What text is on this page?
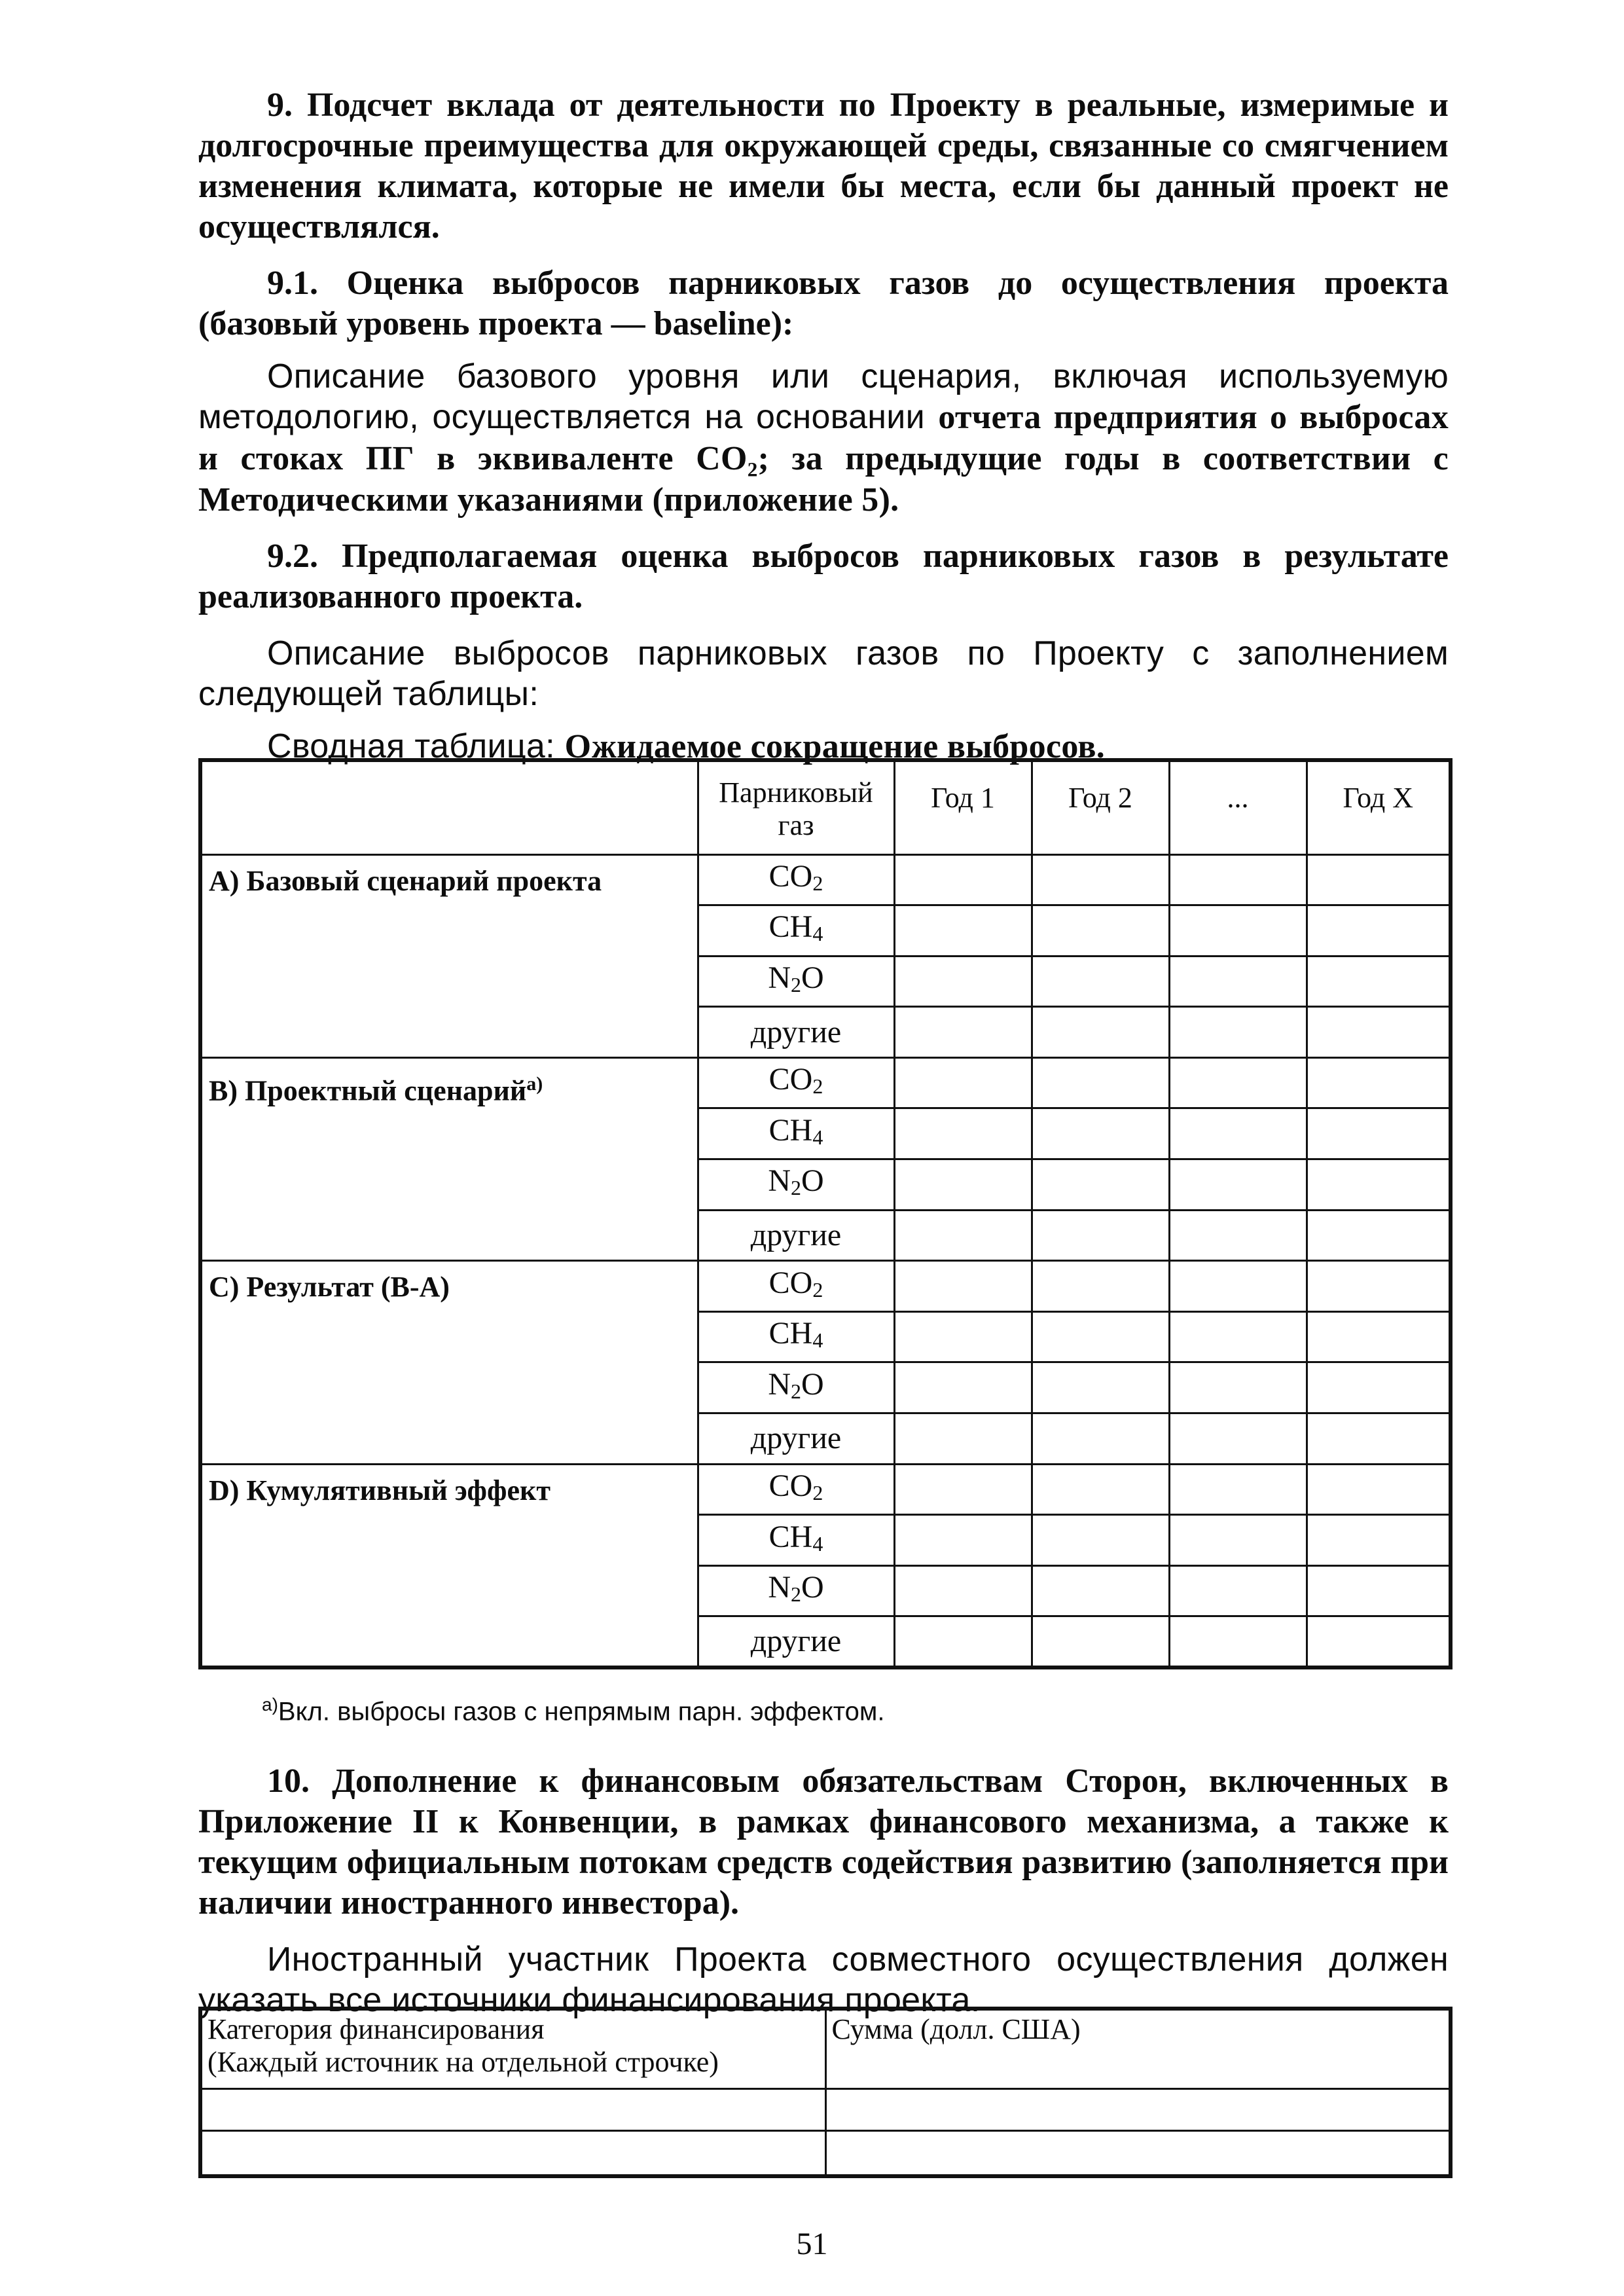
9. Подсчет вклада от деятельности по Проекту в реальные, измеримые и долгосрочные преимущества для окружающей среды, связанные со смягчением изменения климата, которые не имели бы места, если бы данный проект не осуществлялся.

9.1. Оценка выбросов парниковых газов до осуществления проекта (базовый уровень проекта — baseline):

Описание базового уровня или сценария, включая используемую методологию, осуществляется на основании отчета предприятия о выбросах и стоках ПГ в эквиваленте CO₂; за предыдущие годы в соответствии с Методическими указаниями (приложение 5).

9.2. Предполагаемая оценка выбросов парниковых газов в результате реализованного проекта.

Описание выбросов парниковых газов по Проекту с заполнением следующей таблицы:

Сводная таблица: Ожидаемое сокращение выбросов.

	Парниковый газ	Год 1	Год 2	...	Год X
A) Базовый сценарий проекта	$CO_2$				
	$CH_4$				
	$N_2O$				
	другие				
B) Проектный сценарий$^{a)}$	$CO_2$				
	$CH_4$				
	$N_2O$				
	другие				
C) Результат (B-A)	$CO_2$				
	$CH_4$				
	$N_2O$				
	другие				
D) Кумулятивный эффект	$CO_2$				
	$CH_4$				
	$N_2O$				
	другие				
$^{a)}$Вкл. выбросы газов с непрямым парн. эффектом.

10. Дополнение к финансовым обязательствам Сторон, включенных в Приложение II к Конвенции, в рамках финансового механизма, а также к текущим официальным потокам средств содействия развитию (заполняется при наличии иностранного инвестора).

Иностранный участник Проекта совместного осуществления должен указать все источники финансирования проекта.

Категория финансирования
(Каждый источник на отдельной строчке)	Сумма (долл. США)

51
